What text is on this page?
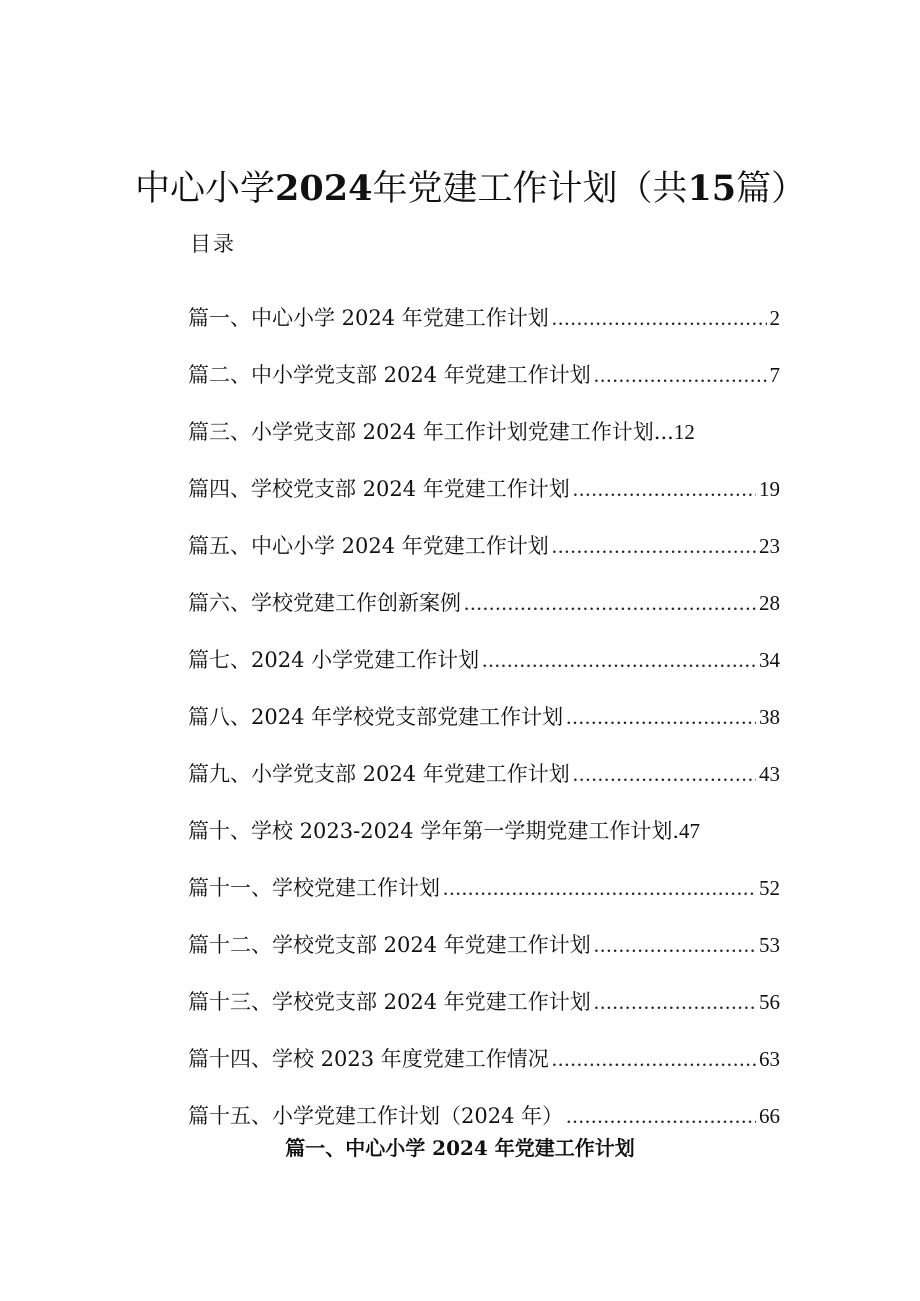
中心小学2024年党建工作计划（共15篇）
目录
篇一、中心小学 2024 年党建工作计划 .....	2
篇二、中小学党支部 2024 年党建工作计划 .....	7
篇三、小学党支部 2024 年工作计划党建工作计划... 12
篇四、学校党支部 2024 年党建工作计划 .....	19
篇五、中心小学 2024 年党建工作计划 .....	23
篇六、学校党建工作创新案例 .....	28
篇七、2024 小学党建工作计划 .....	34
篇八、2024 年学校党支部党建工作计划 .....	38
篇九、小学党支部 2024 年党建工作计划 .....	43
篇十、学校 2023-2024 学年第一学期党建工作计划. 47
篇十一、学校党建工作计划 .....	52
篇十二、学校党支部 2024 年党建工作计划 .....	53
篇十三、学校党支部 2024 年党建工作计划 .....	56
篇十四、学校 2023 年度党建工作情况 .....	63
篇十五、小学党建工作计划（2024 年） .....	66
篇一、中心小学 2024 年党建工作计划
